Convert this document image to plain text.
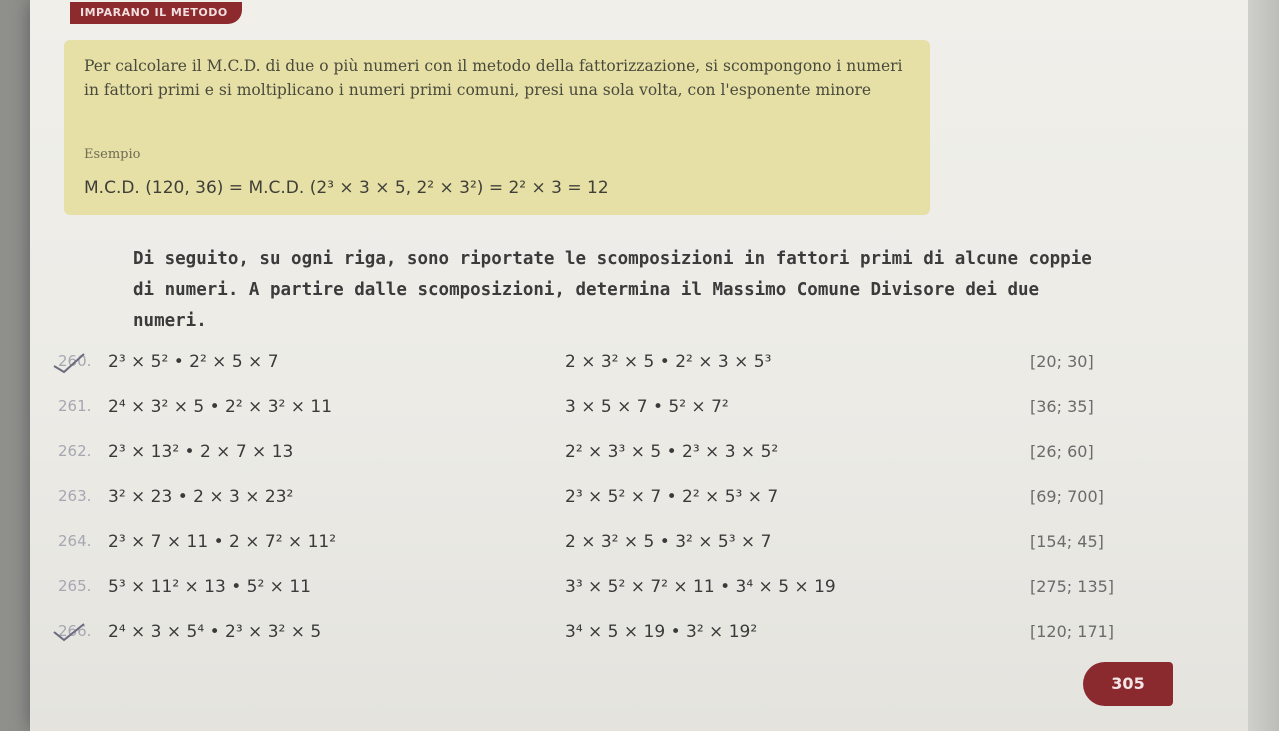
IMPARANO IL METODO

Per calcolare il M.C.D. di due o più numeri con il metodo della fattorizzazione, si scompongono i numeri in fattori primi e si moltiplicano i numeri primi comuni, presi una sola volta, con l'esponente minore

Esempio
M.C.D. (120, 36) = M.C.D. (2³ × 3 × 5, 2² × 3²) = 2² × 3 = 12
Di seguito, su ogni riga, sono riportate le scomposizioni in fattori primi di alcune coppie di numeri. A partire dalle scomposizioni, determina il Massimo Comune Divisore dei due numeri.
260. 2³ × 5² • 2² × 5 × 7	2 × 3² × 5 • 2² × 3 × 5³	[20; 30]
261. 2⁴ × 3² × 5 • 2² × 3² × 11	3 × 5 × 7 • 5² × 7²	[36; 35]
262. 2³ × 13² • 2 × 7 × 13	2² × 3³ × 5 • 2³ × 3 × 5²	[26; 60]
263. 3² × 23 • 2 × 3 × 23²	2³ × 5² × 7 • 2² × 5³ × 7	[69; 700]
264. 2³ × 7 × 11 • 2 × 7² × 11²	2 × 3² × 5 • 3² × 5³ × 7	[154; 45]
265. 5³ × 11² × 13 • 5² × 11	3³ × 5² × 7² × 11 • 3⁴ × 5 × 19	[275; 135]
266. 2⁴ × 3 × 5⁴ • 2³ × 3² × 5	3⁴ × 5 × 19 • 3² × 19²	[120; 171]
305
